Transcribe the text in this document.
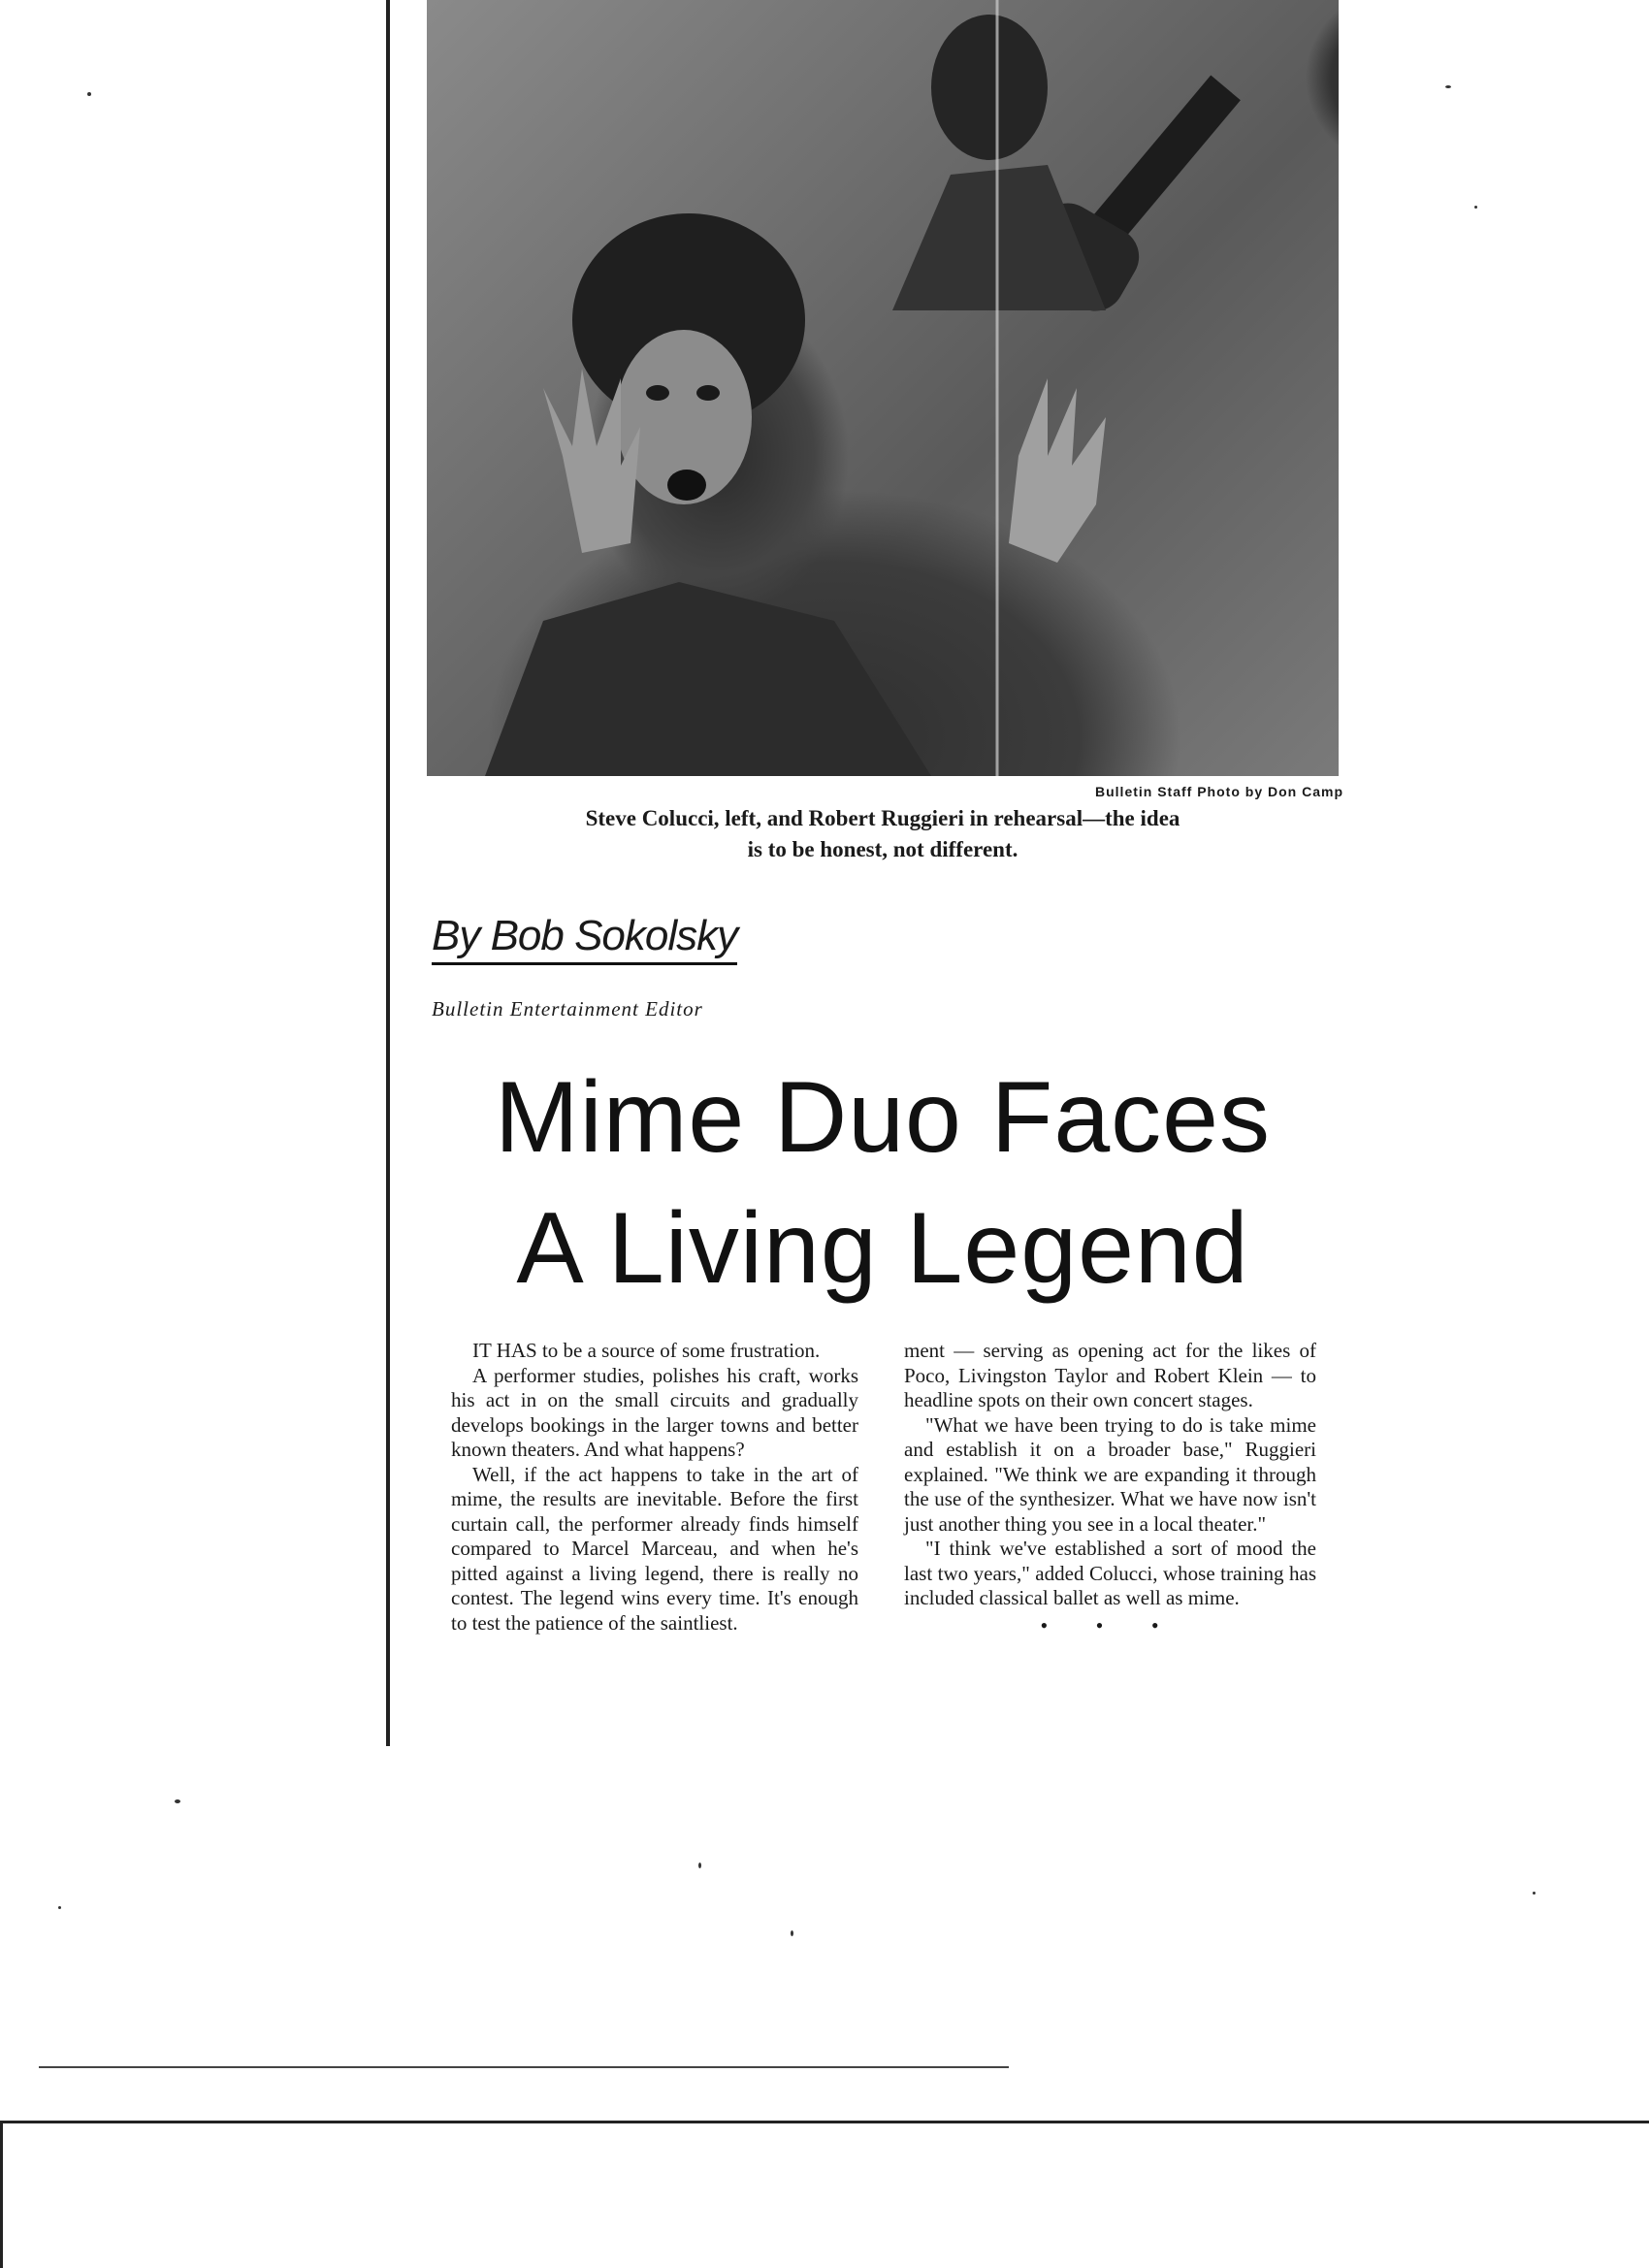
Bulletin Staff Photo by Don Camp
Steve Colucci, left, and Robert Ruggieri in rehearsal—the idea
is to be honest, not different.
By Bob Sokolsky
Bulletin Entertainment Editor
Mime Duo Faces
A Living Legend

IT HAS to be a source of some frustration.

A performer studies, polishes his craft, works his act in on the small circuits and gradually develops bookings in the larger towns and better known theaters. And what happens?

Well, if the act happens to take in the art of mime, the results are inevitable. Before the first curtain call, the performer already finds himself compared to Marcel Marceau, and when he's pitted against a living legend, there is really no contest. The legend wins every time. It's enough to test the patience of the saintliest.

ment — serving as opening act for the likes of Poco, Livingston Taylor and Robert Klein — to headline spots on their own concert stages.

"What we have been trying to do is take mime and establish it on a broader base," Ruggieri explained. "We think we are expanding it through the use of the synthesizer. What we have now isn't just another thing you see in a local theater."

"I think we've established a sort of mood the last two years," added Colucci, whose training has included classical ballet as well as mime.

• • •
